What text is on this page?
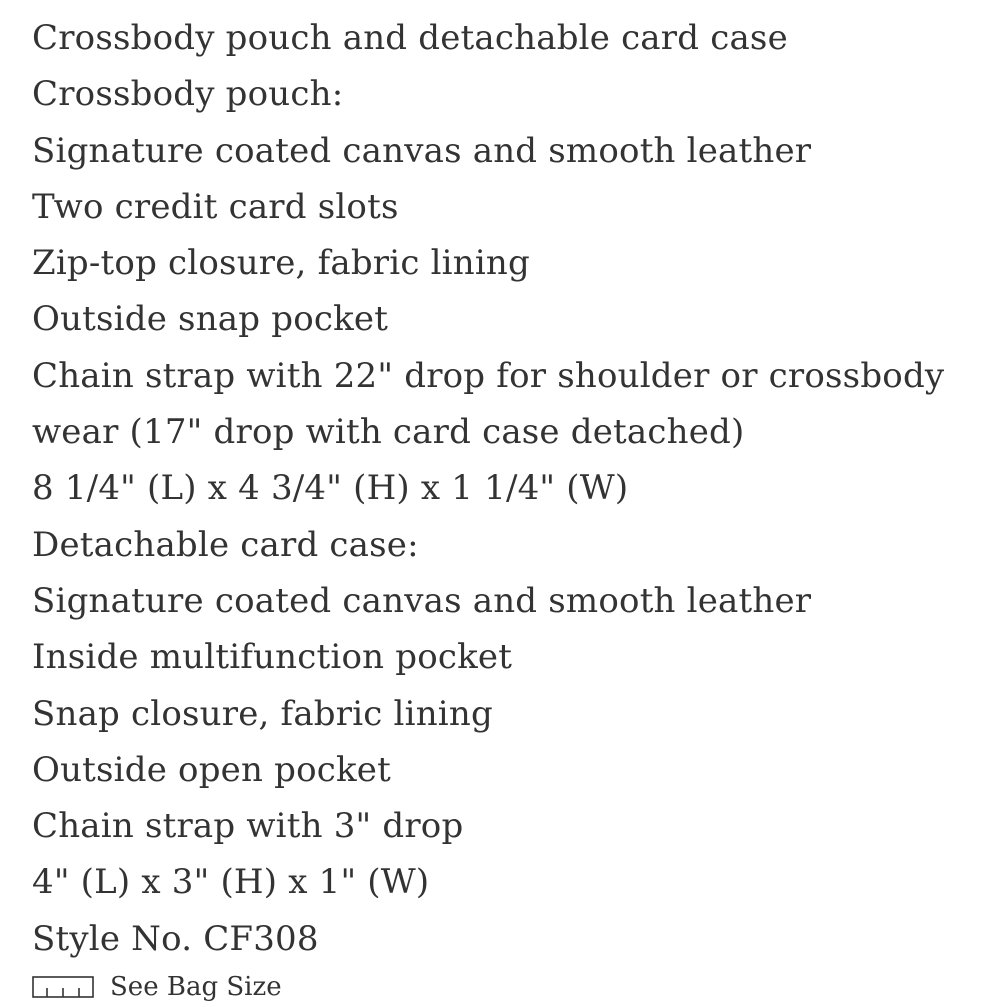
Crossbody pouch and detachable card case
Crossbody pouch:
Signature coated canvas and smooth leather
Two credit card slots
Zip-top closure, fabric lining
Outside snap pocket
Chain strap with 22" drop for shoulder or crossbody
wear (17" drop with card case detached)
8 1/4" (L) x 4 3/4" (H) x 1 1/4" (W)
Detachable card case:
Signature coated canvas and smooth leather
Inside multifunction pocket
Snap closure, fabric lining
Outside open pocket
Chain strap with 3" drop
4" (L) x 3" (H) x 1" (W)
Style No. CF308
See Bag Size
